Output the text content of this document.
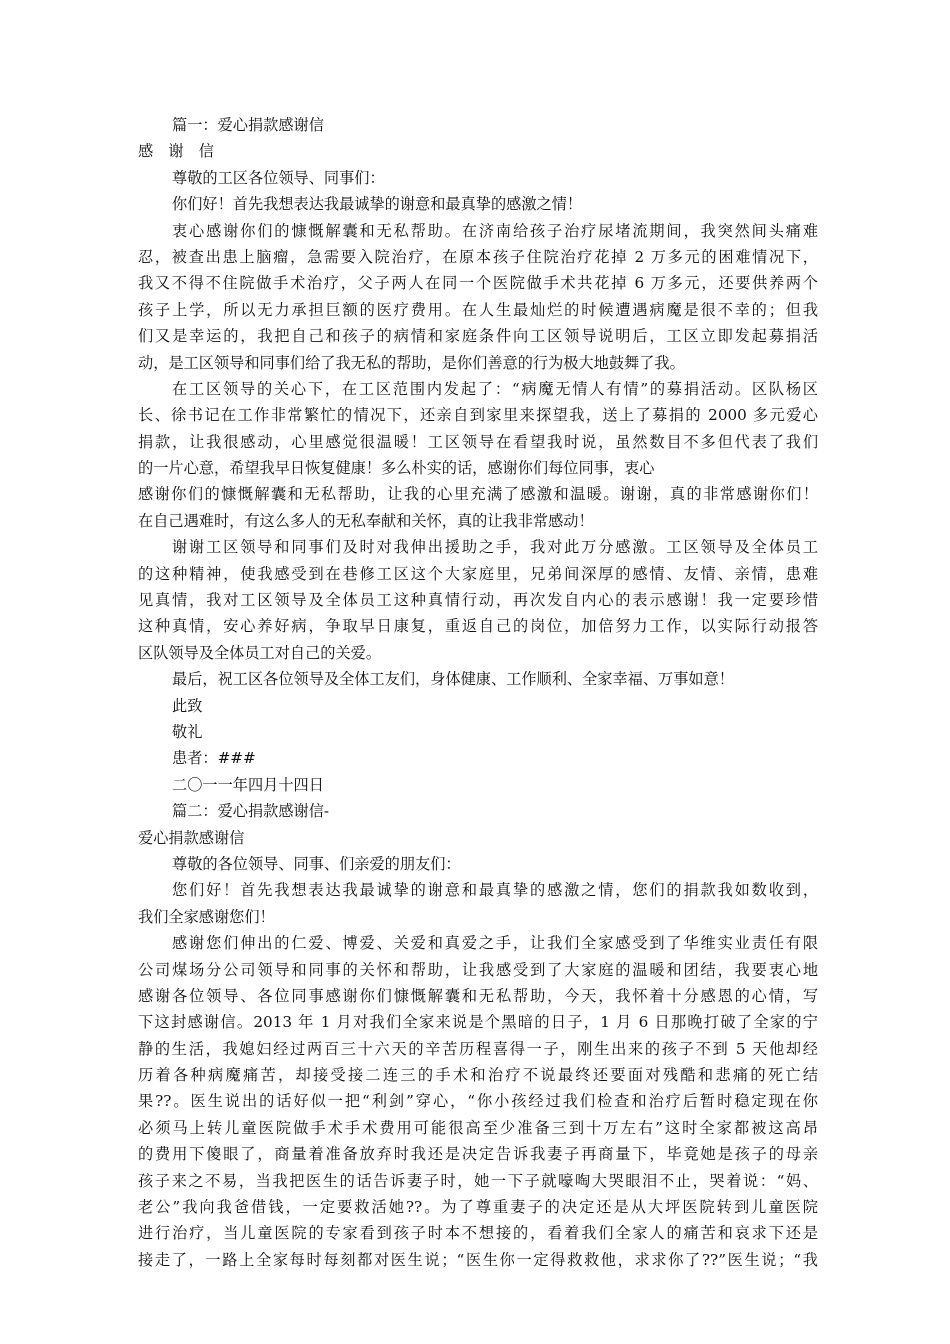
篇一：爱心捐款感谢信
感　谢　信
尊敬的工区各位领导、同事们：
你们好！首先我想表达我最诚挚的谢意和最真挚的感激之情！
衷心感谢你们的慷慨解囊和无私帮助。在济南给孩子治疗尿堵流期间，我突然间头痛难
忍，被查出患上脑瘤，急需要入院治疗，在原本孩子住院治疗花掉 2 万多元的困难情况下，
我又不得不住院做手术治疗，父子两人在同一个医院做手术共花掉 6 万多元，还要供养两个
孩子上学，所以无力承担巨额的医疗费用。在人生最灿烂的时候遭遇病魔是很不幸的；但我
们又是幸运的，我把自己和孩子的病情和家庭条件向工区领导说明后，工区立即发起募捐活
动，是工区领导和同事们给了我无私的帮助，是你们善意的行为极大地鼓舞了我。
在工区领导的关心下，在工区范围内发起了：“病魔无情人有情”的募捐活动。区队杨区
长、徐书记在工作非常繁忙的情况下，还亲自到家里来探望我，送上了募捐的 2000 多元爱心
捐款，让我很感动，心里感觉很温暖！工区领导在看望我时说，虽然数目不多但代表了我们
的一片心意，希望我早日恢复健康！多么朴实的话，感谢你们每位同事，衷心
感谢你们的慷慨解囊和无私帮助，让我的心里充满了感激和温暖。谢谢，真的非常感谢你们！
在自己遇难时，有这么多人的无私奉献和关怀，真的让我非常感动！
谢谢工区领导和同事们及时对我伸出援助之手，我对此万分感激。工区领导及全体员工
的这种精神，使我感受到在巷修工区这个大家庭里，兄弟间深厚的感情、友情、亲情，患难
见真情，我对工区领导及全体员工这种真情行动，再次发自内心的表示感谢！我一定要珍惜
这种真情，安心养好病，争取早日康复，重返自己的岗位，加倍努力工作，以实际行动报答
区队领导及全体员工对自己的关爱。
最后，祝工区各位领导及全体工友们，身体健康、工作顺利、全家幸福、万事如意！
此致
敬礼
患者：###
二〇一一年四月十四日
篇二：爱心捐款感谢信-
爱心捐款感谢信
尊敬的各位领导、同事、们亲爱的朋友们：
您们好！首先我想表达我最诚挚的谢意和最真挚的感激之情，您们的捐款我如数收到，
我们全家感谢您们！
感谢您们伸出的仁爱、博爱、关爱和真爱之手，让我们全家感受到了华维实业责任有限
公司煤场分公司领导和同事的关怀和帮助，让我感受到了大家庭的温暖和团结，我要衷心地
感谢各位领导、各位同事感谢你们慷慨解囊和无私帮助，今天，我怀着十分感恩的心情，写
下这封感谢信。2013 年 1 月对我们全家来说是个黑暗的日子，1 月 6 日那晚打破了全家的宁
静的生活，我媳妇经过两百三十六天的辛苦历程喜得一子，刚生出来的孩子不到 5 天他却经
历着各种病魔痛苦，却接受接二连三的手术和治疗不说最终还要面对残酷和悲痛的死亡结
果??。医生说出的话好似一把“利剑”穿心，“你小孩经过我们检查和治疗后暂时稳定现在你
必须马上转儿童医院做手术手术费用可能很高至少准备三到十万左右”这时全家都被这高昂
的费用下傻眼了，商量着准备放弃时我还是决定告诉我妻子再商量下，毕竟她是孩子的母亲
孩子来之不易，当我把医生的话告诉妻子时，她一下子就嚎啕大哭眼泪不止，哭着说：“妈、
老公”我向我爸借钱，一定要救活她??。为了尊重妻子的决定还是从大坪医院转到儿童医院
进行治疗，当儿童医院的专家看到孩子时本不想接的，看着我们全家人的痛苦和哀求下还是
接走了，一路上全家每时每刻都对医生说；“医生你一定得救救他，求求你了??”医生说；“我
